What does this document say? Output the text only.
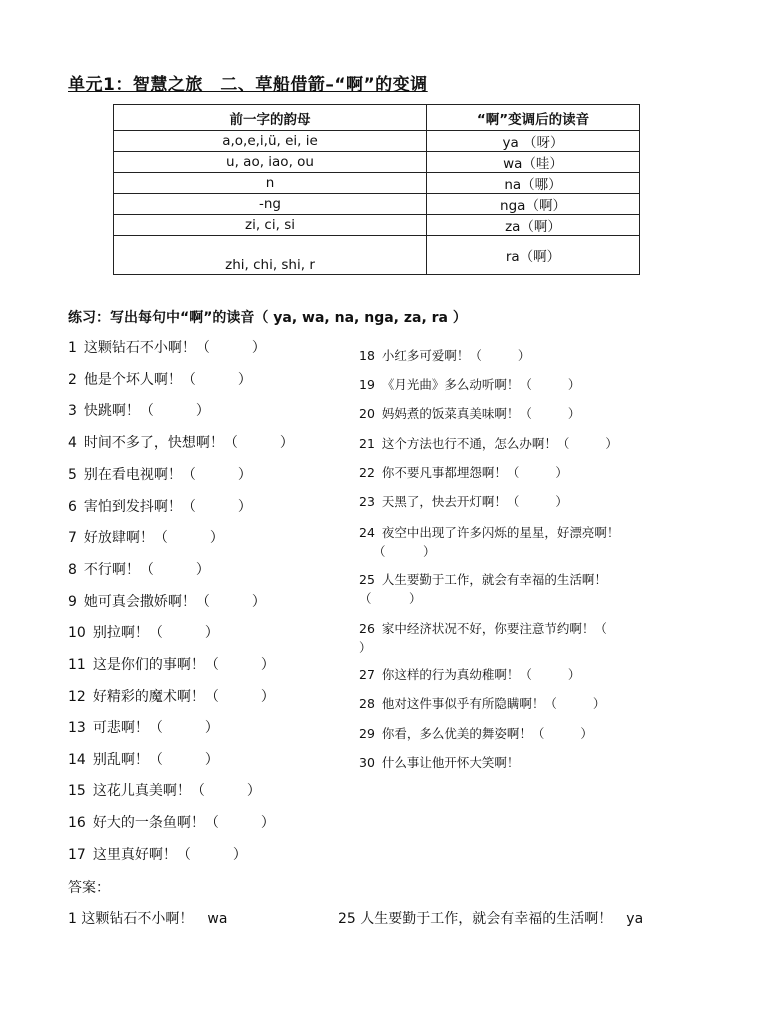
单元1：智慧之旅　二、草船借箭–“啊”的变调
前一字的韵母	“啊”变调后的读音
a,o,e,i,ü, ei, ie	ya （呀）
u, ao, iao, ou	wa（哇）
n	na（哪）
-ng	nga（啊）
zi, ci, si	za（啊）
zhi, chi, shi, r	ra（啊）
练习：写出每句中“啊”的读音（ ya, wa, na, nga, za, ra ）
1 这颗钻石不小啊！（	）
2 他是个坏人啊！（	）
3 快跳啊！（	）
4 时间不多了，快想啊！（	）
5 别在看电视啊！（	）
6 害怕到发抖啊！（	）
7 好放肆啊！（	）
8 不行啊！（	）
9 她可真会撒娇啊！（	）
10 别拉啊！（	）
11 这是你们的事啊！（	）
12 好精彩的魔术啊！（	）
13 可悲啊！（	）
14 别乱啊！（	）
15 这花儿真美啊！（	）
16 好大的一条鱼啊！（	）
17 这里真好啊！（	）
18 小红多可爱啊！（	）
19 《月光曲》多么动听啊！（	）
20 妈妈煮的饭菜真美味啊！（	）
21 这个方法也行不通，怎么办啊！（	）
22 你不要凡事都埋怨啊！（	）
23 天黑了，快去开灯啊！（	）
24 夜空中出现了许多闪烁的星星，好漂亮啊！
（　　　）
25 人生要勤于工作，就会有幸福的生活啊！
（　　　）
26 家中经济状况不好，你要注意节约啊！（
）
27 你这样的行为真幼稚啊！（	）
28 他对这件事似乎有所隐瞒啊！（	）
29 你看，多么优美的舞姿啊！（	）
30 什么事让他开怀大笑啊！
答案：
1 这颗钻石不小啊！　 wa	25 人生要勤于工作，就会有幸福的生活啊！　 ya
